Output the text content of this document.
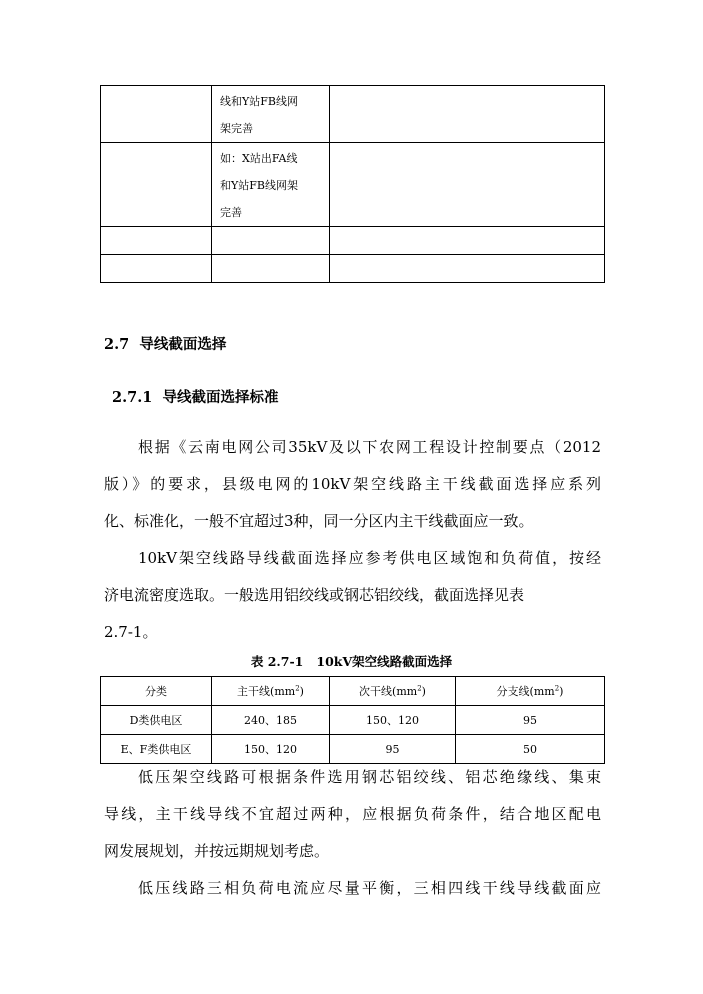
	线和Y站FB线网
架完善	

	如：X站出FA线
和Y站FB线网架
完善	

2.7 导线截面选择
2.7.1 导线截面选择标准
根据《云南电网公司35kV及以下农网工程设计控制要点（2012
版）》的要求，县级电网的10kV架空线路主干线截面选择应系列
化、标准化，一般不宜超过3种，同一分区内主干线截面应一致。
10kV架空线路导线截面选择应参考供电区域饱和负荷值，按经
济电流密度选取。一般选用铝绞线或钢芯铝绞线，截面选择见表
2.7-1。
表 2.7-1 10kV架空线路截面选择
分类	主干线$(mm^2)$	次干线$(mm^2)$	分支线$(mm^2)$
D类供电区	240、185	150、120	95
E、F类供电区	150、120	95	50
低压架空线路可根据条件选用钢芯铝绞线、铝芯绝缘线、集束
导线，主干线导线不宜超过两种，应根据负荷条件，结合地区配电
网发展规划，并按远期规划考虑。
低压线路三相负荷电流应尽量平衡，三相四线干线导线截面应
